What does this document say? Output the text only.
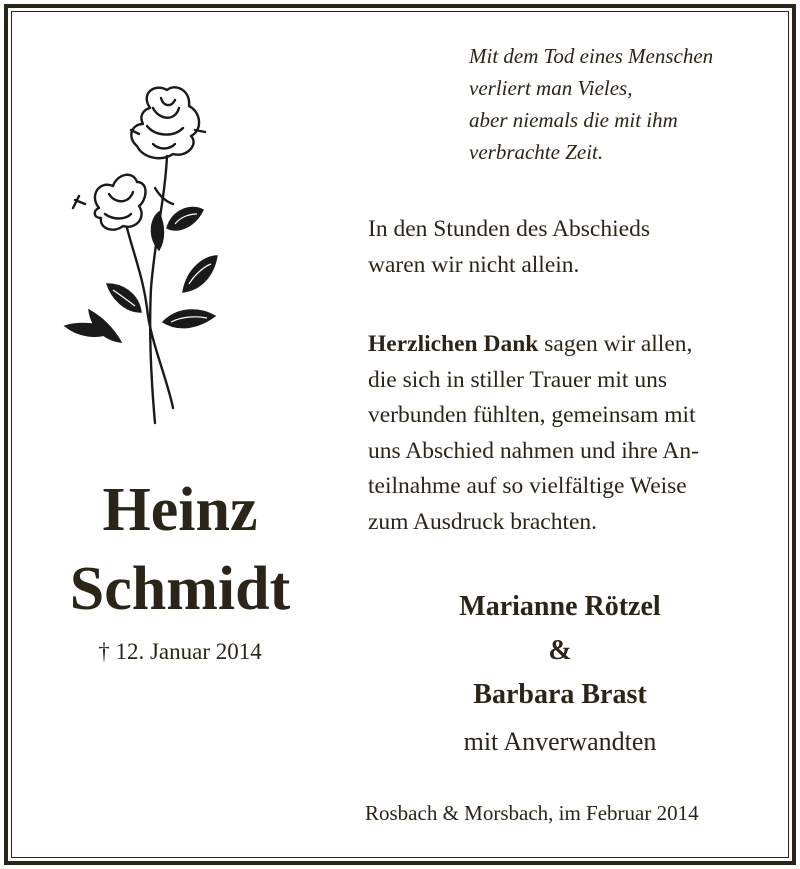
Mit dem Tod eines Menschen
verliert man Vieles,
aber niemals die mit ihm
verbrachte Zeit.
Heinz
Schmidt
† 12. Januar 2014
In den Stunden des Abschieds
waren wir nicht allein.
Herzlichen Dank sagen wir allen,
die sich in stiller Trauer mit uns
verbunden fühlten, gemeinsam mit
uns Abschied nahmen und ihre An-
teilnahme auf so vielfältige Weise
zum Ausdruck brachten.
Marianne Rötzel
&
Barbara Brast
mit Anverwandten
Rosbach & Morsbach, im Februar 2014
